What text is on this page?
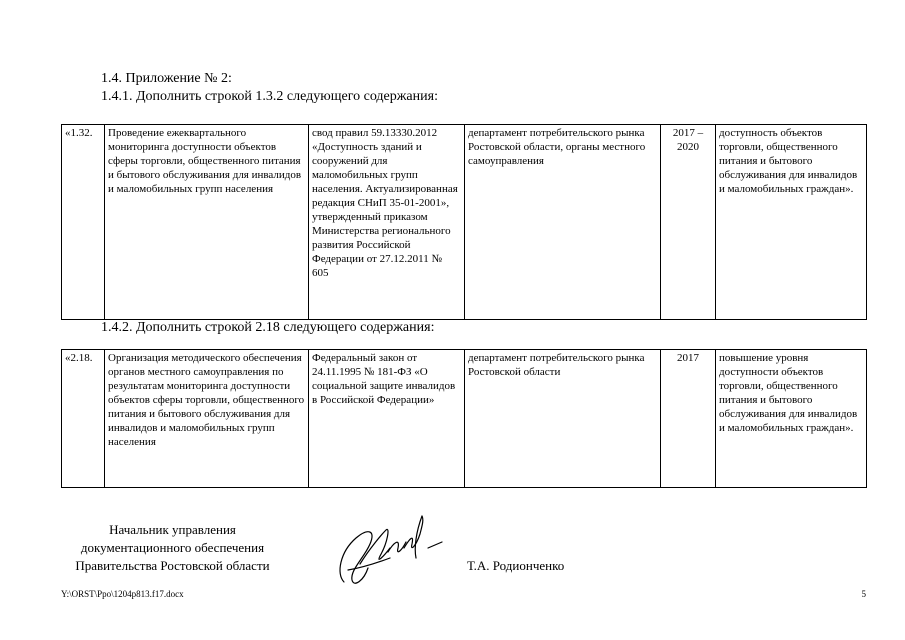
1.4. Приложение № 2:
1.4.1. Дополнить строкой 1.3.2 следующего содержания:
«1.32.	Проведение ежеквартального мониторинга доступности объектов сферы торговли, общественного питания и бытового обслуживания для инвалидов и маломобильных групп населения	свод правил 59.13330.2012 «Доступность зданий и сооружений для маломобильных групп населения. Актуализированная редакция СНиП 35-01-2001», утвержденный приказом Министерства регионального развития Российской Федерации от 27.12.2011 № 605	департамент потребительского рынка Ростовской области, органы местного самоуправления	2017 – 2020	доступность объектов торговли, общественного питания и бытового обслуживания для инвалидов и маломобильных граждан».
1.4.2. Дополнить строкой 2.18 следующего содержания:
«2.18.	Организация методического обеспечения органов местного самоуправления по результатам мониторинга доступности объектов сферы торговли, общественного питания и бытового обслуживания для инвалидов и маломобильных групп населения	Федеральный закон от 24.11.1995 № 181-ФЗ «О социальной защите инвалидов в Российской Федерации»	департамент потребительского рынка Ростовской области	2017	повышение уровня доступности объектов торговли, общественного питания и бытового обслуживания для инвалидов и маломобильных граждан».
Начальник управления
документационного обеспечения
Правительства Ростовской области	Т.А. Родионченко
Y:\ORST\Ppo\1204p813.f17.docx	5
